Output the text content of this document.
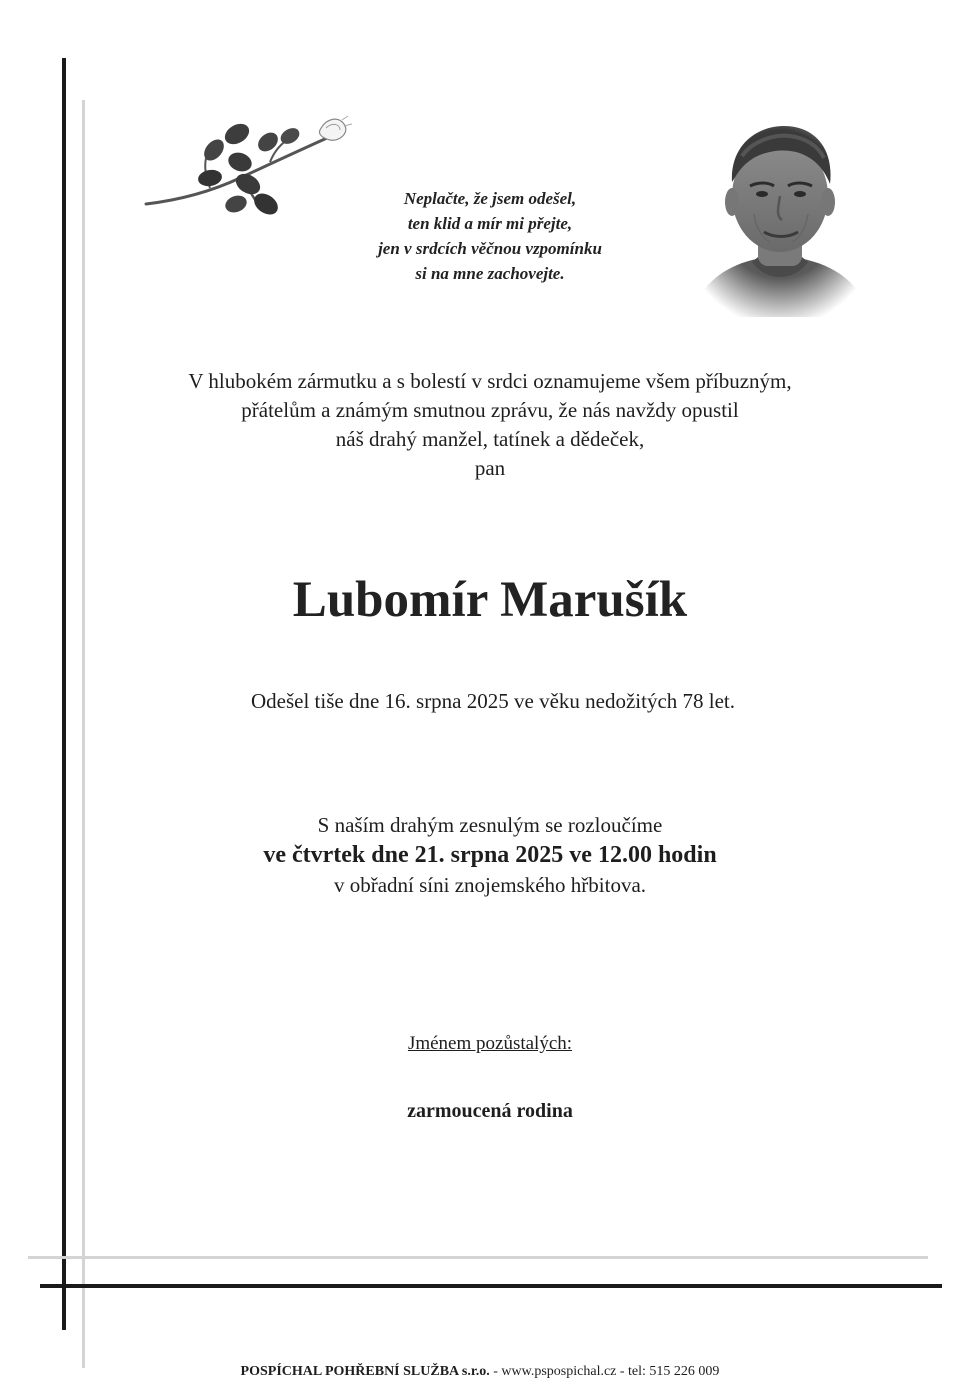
Neplačte, že jsem odešel,
ten klid a mír mi přejte,
jen v srdcích věčnou vzpomínku
si na mne zachovejte.
V hlubokém zármutku a s bolestí v srdci oznamujeme všem příbuzným,
přátelům a známým smutnou zprávu, že nás navždy opustil
náš drahý manžel, tatínek a dědeček,
pan
Lubomír Marušík
Odešel tiše dne 16. srpna 2025 ve věku nedožitých 78 let.
S naším drahým zesnulým se rozloučíme
ve čtvrtek dne 21. srpna 2025 ve 12.00 hodin
v obřadní síni znojemského hřbitova.
Jménem pozůstalých:
zarmoucená rodina
POSPÍCHAL POHŘEBNÍ SLUŽBA s.r.o. - www.pspospichal.cz - tel: 515 226 009
